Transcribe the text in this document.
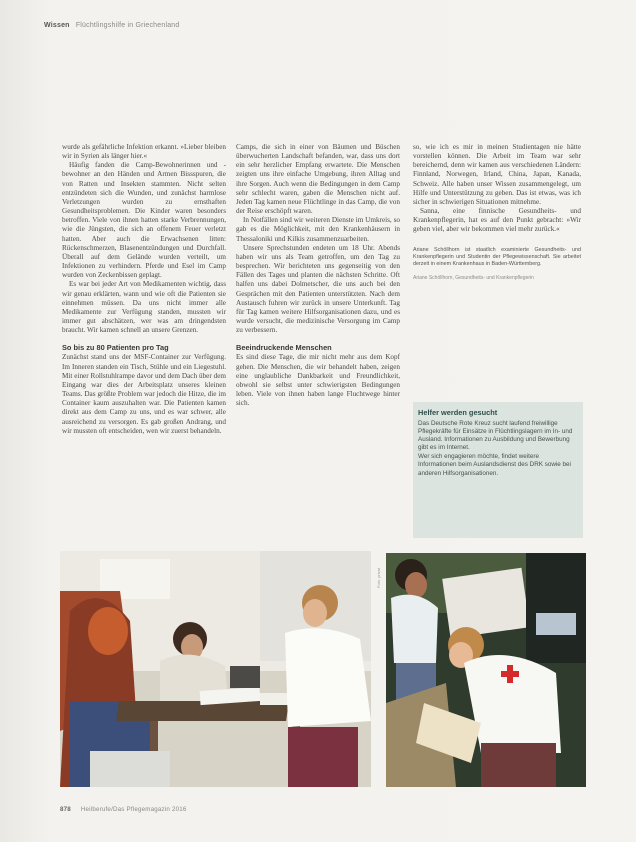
Wissen Flüchtlingshilfe in Griechenland

wurde als gefährliche Infektion erkannt. »Lieber bleiben wir in Syrien als länger hier.«

Häufig fanden die Camp-Bewohnerinnen und -bewohner an den Händen und Armen Bissspuren, die von Ratten und Insekten stammten. Nicht selten entzündeten sich die Wunden, und zunächst harmlose Verletzungen wurden zu ernsthaften Gesundheitsproblemen. Die Kinder waren besonders betroffen. Viele von ihnen hatten starke Verbrennungen, wie die Jüngsten, die sich an offenem Feuer verletzt hatten. Aber auch die Erwachsenen litten: Rückenschmerzen, Blasenentzündungen und Durchfall. Überall auf dem Gelände wurden verteilt, um Infektionen zu verhindern. Pferde und Esel im Camp wurden von Zeckenbissen geplagt.

Es war bei jeder Art von Medikamenten wichtig, dass wir genau erklärten, wann und wie oft die Patienten sie einnehmen müssen. Da uns nicht immer alle Medikamente zur Verfügung standen, mussten wir immer gut abschätzen, wer was am dringendsten braucht. Wir kamen schnell an unsere Grenzen.

So bis zu 80 Patienten pro Tag

Zunächst stand uns der MSF-Container zur Verfügung. Im Inneren standen ein Tisch, Stühle und ein Liegestuhl. Mit einer Rollstuhlrampe davor und dem Dach über dem Eingang war dies der Arbeitsplatz unseres kleinen Teams. Das größte Problem war jedoch die Hitze, die im Container kaum auszuhalten war. Die Patienten kamen direkt aus dem Camp zu uns, und es war schwer, alle ausreichend zu versorgen. Es gab großen Andrang, und wir mussten oft entscheiden, wen wir zuerst behandeln.

Camps, die sich in einer von Bäumen und Büschen überwucherten Landschaft befanden, war, dass uns dort ein sehr herzlicher Empfang erwartete. Die Menschen zeigten uns ihre einfache Umgebung, ihren Alltag und ihre Sorgen. Auch wenn die Bedingungen in dem Camp sehr schlecht waren, gaben die Menschen nicht auf. Jeden Tag kamen neue Flüchtlinge in das Camp, die von der Reise erschöpft waren.

In Notfällen sind wir weiteren Dienste im Umkreis, so gab es die Möglichkeit, mit den Krankenhäusern in Thessaloniki und Kilkis zusammenzuarbeiten.

Unsere Sprechstunden endeten um 18 Uhr. Abends haben wir uns als Team getroffen, um den Tag zu besprechen. Wir berichteten uns gegenseitig von den Fällen des Tages und planten die nächsten Schritte. Oft halfen uns dabei Dolmetscher, die uns auch bei den Gesprächen mit den Patienten unterstützten. Nach dem Austausch fuhren wir zurück in unsere Unterkunft. Tag für Tag kamen weitere Hilfsorganisationen dazu, und es wurde versucht, die medizinische Versorgung im Camp zu verbessern.

Beeindruckende Menschen

Es sind diese Tage, die mir nicht mehr aus dem Kopf gehen. Die Menschen, die wir behandelt haben, zeigen eine unglaubliche Dankbarkeit und Freundlichkeit, obwohl sie selbst unter schwierigsten Bedingungen leben. Viele von ihnen haben lange Fluchtwege hinter sich.

so, wie ich es mir in meinen Studientagen nie hätte vorstellen können. Die Arbeit im Team war sehr bereichernd, denn wir kamen aus verschiedenen Ländern: Finnland, Norwegen, Irland, China, Japan, Kanada, Schweiz. Alle haben unser Wissen zusammengelegt, um Hilfe und Unterstützung zu geben. Das ist etwas, was ich sicher in schwierigen Situationen mitnehme.

Sanna, eine finnische Gesundheits- und Krankenpflegerin, hat es auf den Punkt gebracht: »Wir geben viel, aber wir bekommen viel mehr zurück.«

Ariane Schöllhorn ist staatlich examinierte Gesundheits- und Krankenpflegerin und Studentin der Pflegewissenschaft. Sie arbeitet derzeit in einem Krankenhaus in Baden-Württemberg.
Ariane Schöllhorn, Gesundheits- und Krankenpflegerin
Helfer werden gesucht
Das Deutsche Rote Kreuz sucht laufend freiwillige Pflegekräfte für Einsätze in Flüchtlingslagern im In- und Ausland. Informationen zu Ausbildung und Bewerbung gibt es im Internet.
Wer sich engagieren möchte, findet weitere Informationen beim Auslandsdienst des DRK sowie bei anderen Hilfsorganisationen.
Foto: privat
878 Heilberufe/Das Pflegemagazin 2016
